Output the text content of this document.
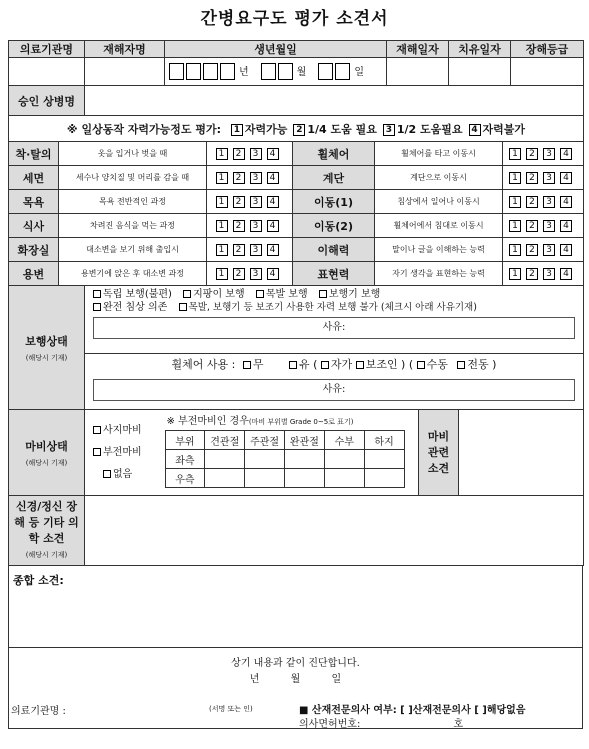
간병요구도 평가 소견서
의료기관명	재해자명	생년월일	재해일자	치유일자	장해등급
		년 월 일			
승인 상병명					
※ 일상동작 자력가능정도 평가: 1 자력가능 2 1/4 도움 필요 3 1/2 도움필요 4 자력불가					
착·탈의	옷을 입거나 벗을 때	1 2 3 4	휠체어	휠체어를 타고 이동시	1 2 3 4
세면	세수나 양치질 및 머리를 감을 때	1 2 3 4	계단	계단으로 이동시	1 2 3 4
목욕	목욕 전반적인 과정	1 2 3 4	이동(1)	침상에서 일어나 이동시	1 2 3 4
식사	차려진 음식을 먹는 과정	1 2 3 4	이동(2)	휠체어에서 침대로 이동시	1 2 3 4
화장실	대소변을 보기 위해 출입시	1 2 3 4	이해력	말이나 글을 이해하는 능력	1 2 3 4
용변	용변기에 앉은 후 대소변 과정	1 2 3 4	표현력	자기 생각을 표현하는 능력	1 2 3 4
보행상태
(해당시 기재)

독립 보행(불편) 지팡이 보행 목발 보행 보행기 보행
완전 침상 의존 목발, 보행기 등 보조기 사용한 자력 보행 불가 (체크시 아래 사유기재)
사유:

휠체어 사용 : 무	유 ( 자가 보조인 ) ( 수동 전동 )
사유:
마비상태
(해당시 기재)

사지마비
부전마비
없음

※ 부전마비인 경우(마비 부위별 Grade 0~5로 표기)
부위	견관절	주관절	완관절	수부	하지
좌측					
우측					
	마비 관련 소견	
신경/정신 장해 등 기타 의학 소견
(해당시 기재)

종합 소견:
상기 내용과 같이 진단합니다.
년	월	일
의료기관명 :	(서명 또는 인)	■ 산재전문의사 여부: [ ]산재전문의사 [ ]해당없음
의사면허번호:	호
